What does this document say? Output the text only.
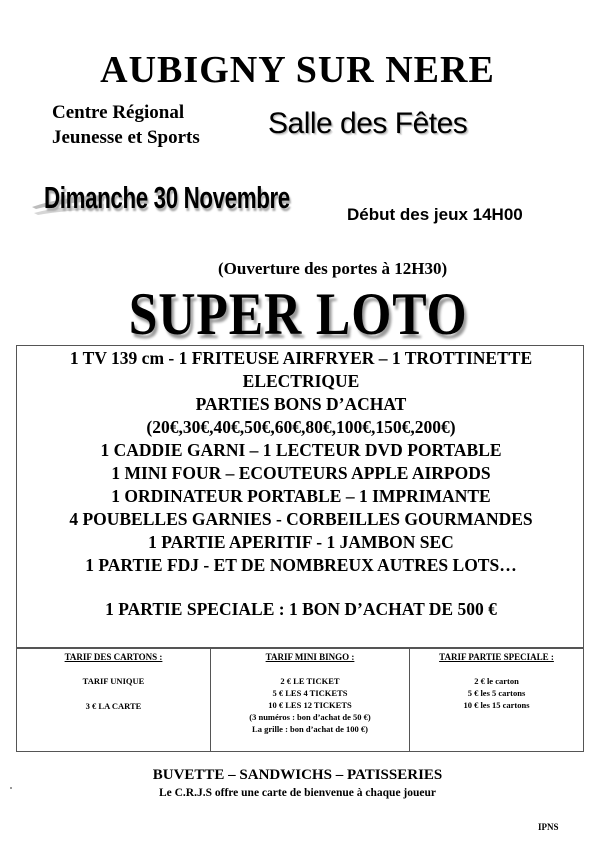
AUBIGNY SUR NERE
Centre Régional
Jeunesse et Sports Salle des Fêtes
Dimanche 30 Novembre	Début des jeux 14H00
(Ouverture des portes à 12H30)
SUPER LOTO
1 TV 139 cm - 1 FRITEUSE AIRFRYER – 1 TROTTINETTE
ELECTRIQUE
PARTIES BONS D’ACHAT
(20€,30€,40€,50€,60€,80€,100€,150€,200€)
1 CADDIE GARNI – 1 LECTEUR DVD PORTABLE
1 MINI FOUR – ECOUTEURS APPLE AIRPODS
1 ORDINATEUR PORTABLE – 1 IMPRIMANTE
4 POUBELLES GARNIES - CORBEILLES GOURMANDES
1 PARTIE APERITIF - 1 JAMBON SEC
1 PARTIE FDJ - ET DE NOMBREUX AUTRES LOTS…
1 PARTIE SPECIALE : 1 BON D’ACHAT DE 500 €
TARIF DES CARTONS :
TARIF UNIQUE
3 € LA CARTE
TARIF MINI BINGO :
2 € LE TICKET
5 € LES 4 TICKETS
10 € LES 12 TICKETS
(3 numéros : bon d’achat de 50 €)
La grille : bon d’achat de 100 €)
TARIF PARTIE SPECIALE :
2 € le carton
5 € les 5 cartons
10 € les 15 cartons
BUVETTE – SANDWICHS – PATISSERIES
Le C.R.J.S offre une carte de bienvenue à chaque joueur
IPNS
